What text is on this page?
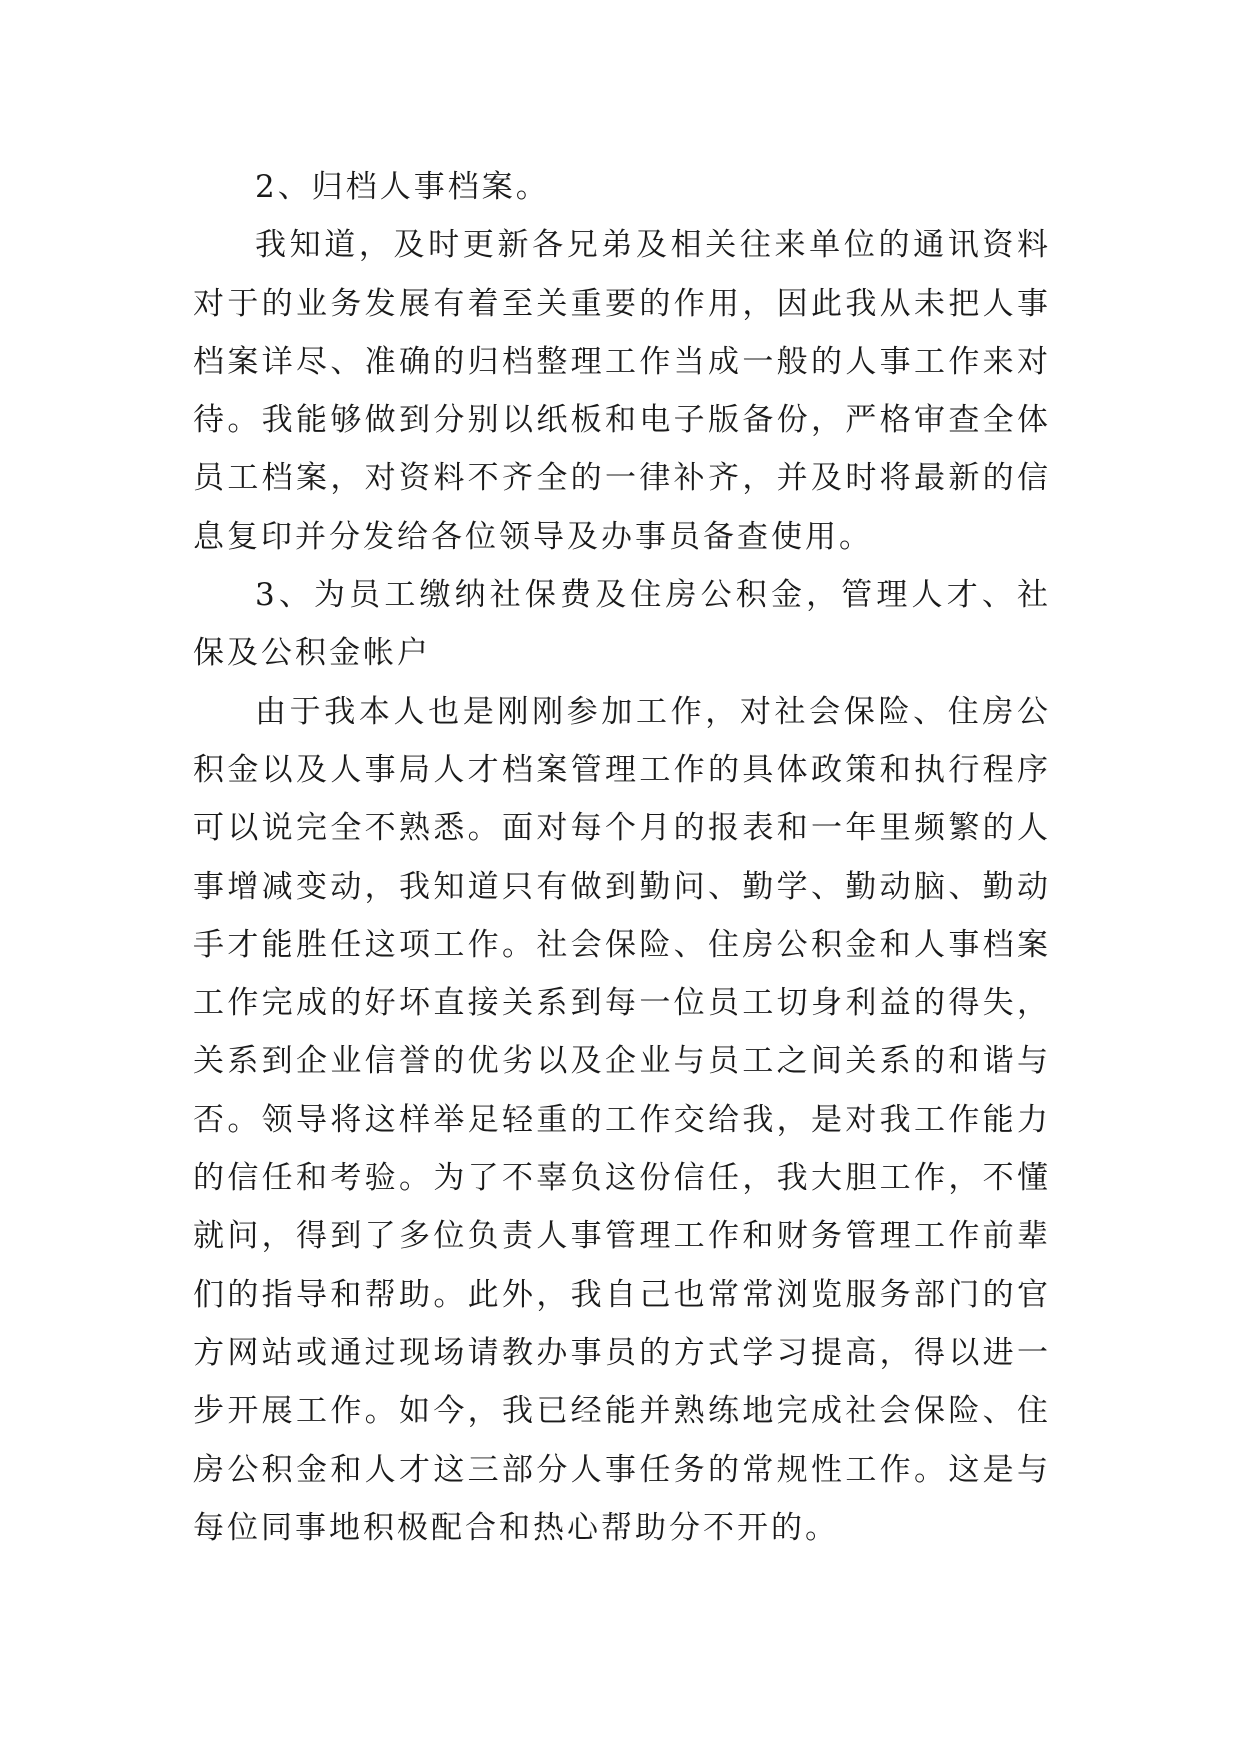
2、归档人事档案。

我知道，及时更新各兄弟及相关往来单位的通讯资料对于的业务发展有着至关重要的作用，因此我从未把人事档案详尽、准确的归档整理工作当成一般的人事工作来对待。我能够做到分别以纸板和电子版备份，严格审查全体员工档案，对资料不齐全的一律补齐，并及时将最新的信息复印并分发给各位领导及办事员备查使用。

3、为员工缴纳社保费及住房公积金，管理人才、社保及公积金帐户

由于我本人也是刚刚参加工作，对社会保险、住房公积金以及人事局人才档案管理工作的具体政策和执行程序可以说完全不熟悉。面对每个月的报表和一年里频繁的人事增减变动，我知道只有做到勤问、勤学、勤动脑、勤动手才能胜任这项工作。社会保险、住房公积金和人事档案工作完成的好坏直接关系到每一位员工切身利益的得失，关系到企业信誉的优劣以及企业与员工之间关系的和谐与否。领导将这样举足轻重的工作交给我，是对我工作能力的信任和考验。为了不辜负这份信任，我大胆工作，不懂就问，得到了多位负责人事管理工作和财务管理工作前辈们的指导和帮助。此外，我自己也常常浏览服务部门的官方网站或通过现场请教办事员的方式学习提高，得以进一步开展工作。如今，我已经能并熟练地完成社会保险、住房公积金和人才这三部分人事任务的常规性工作。这是与每位同事地积极配合和热心帮助分不开的。
